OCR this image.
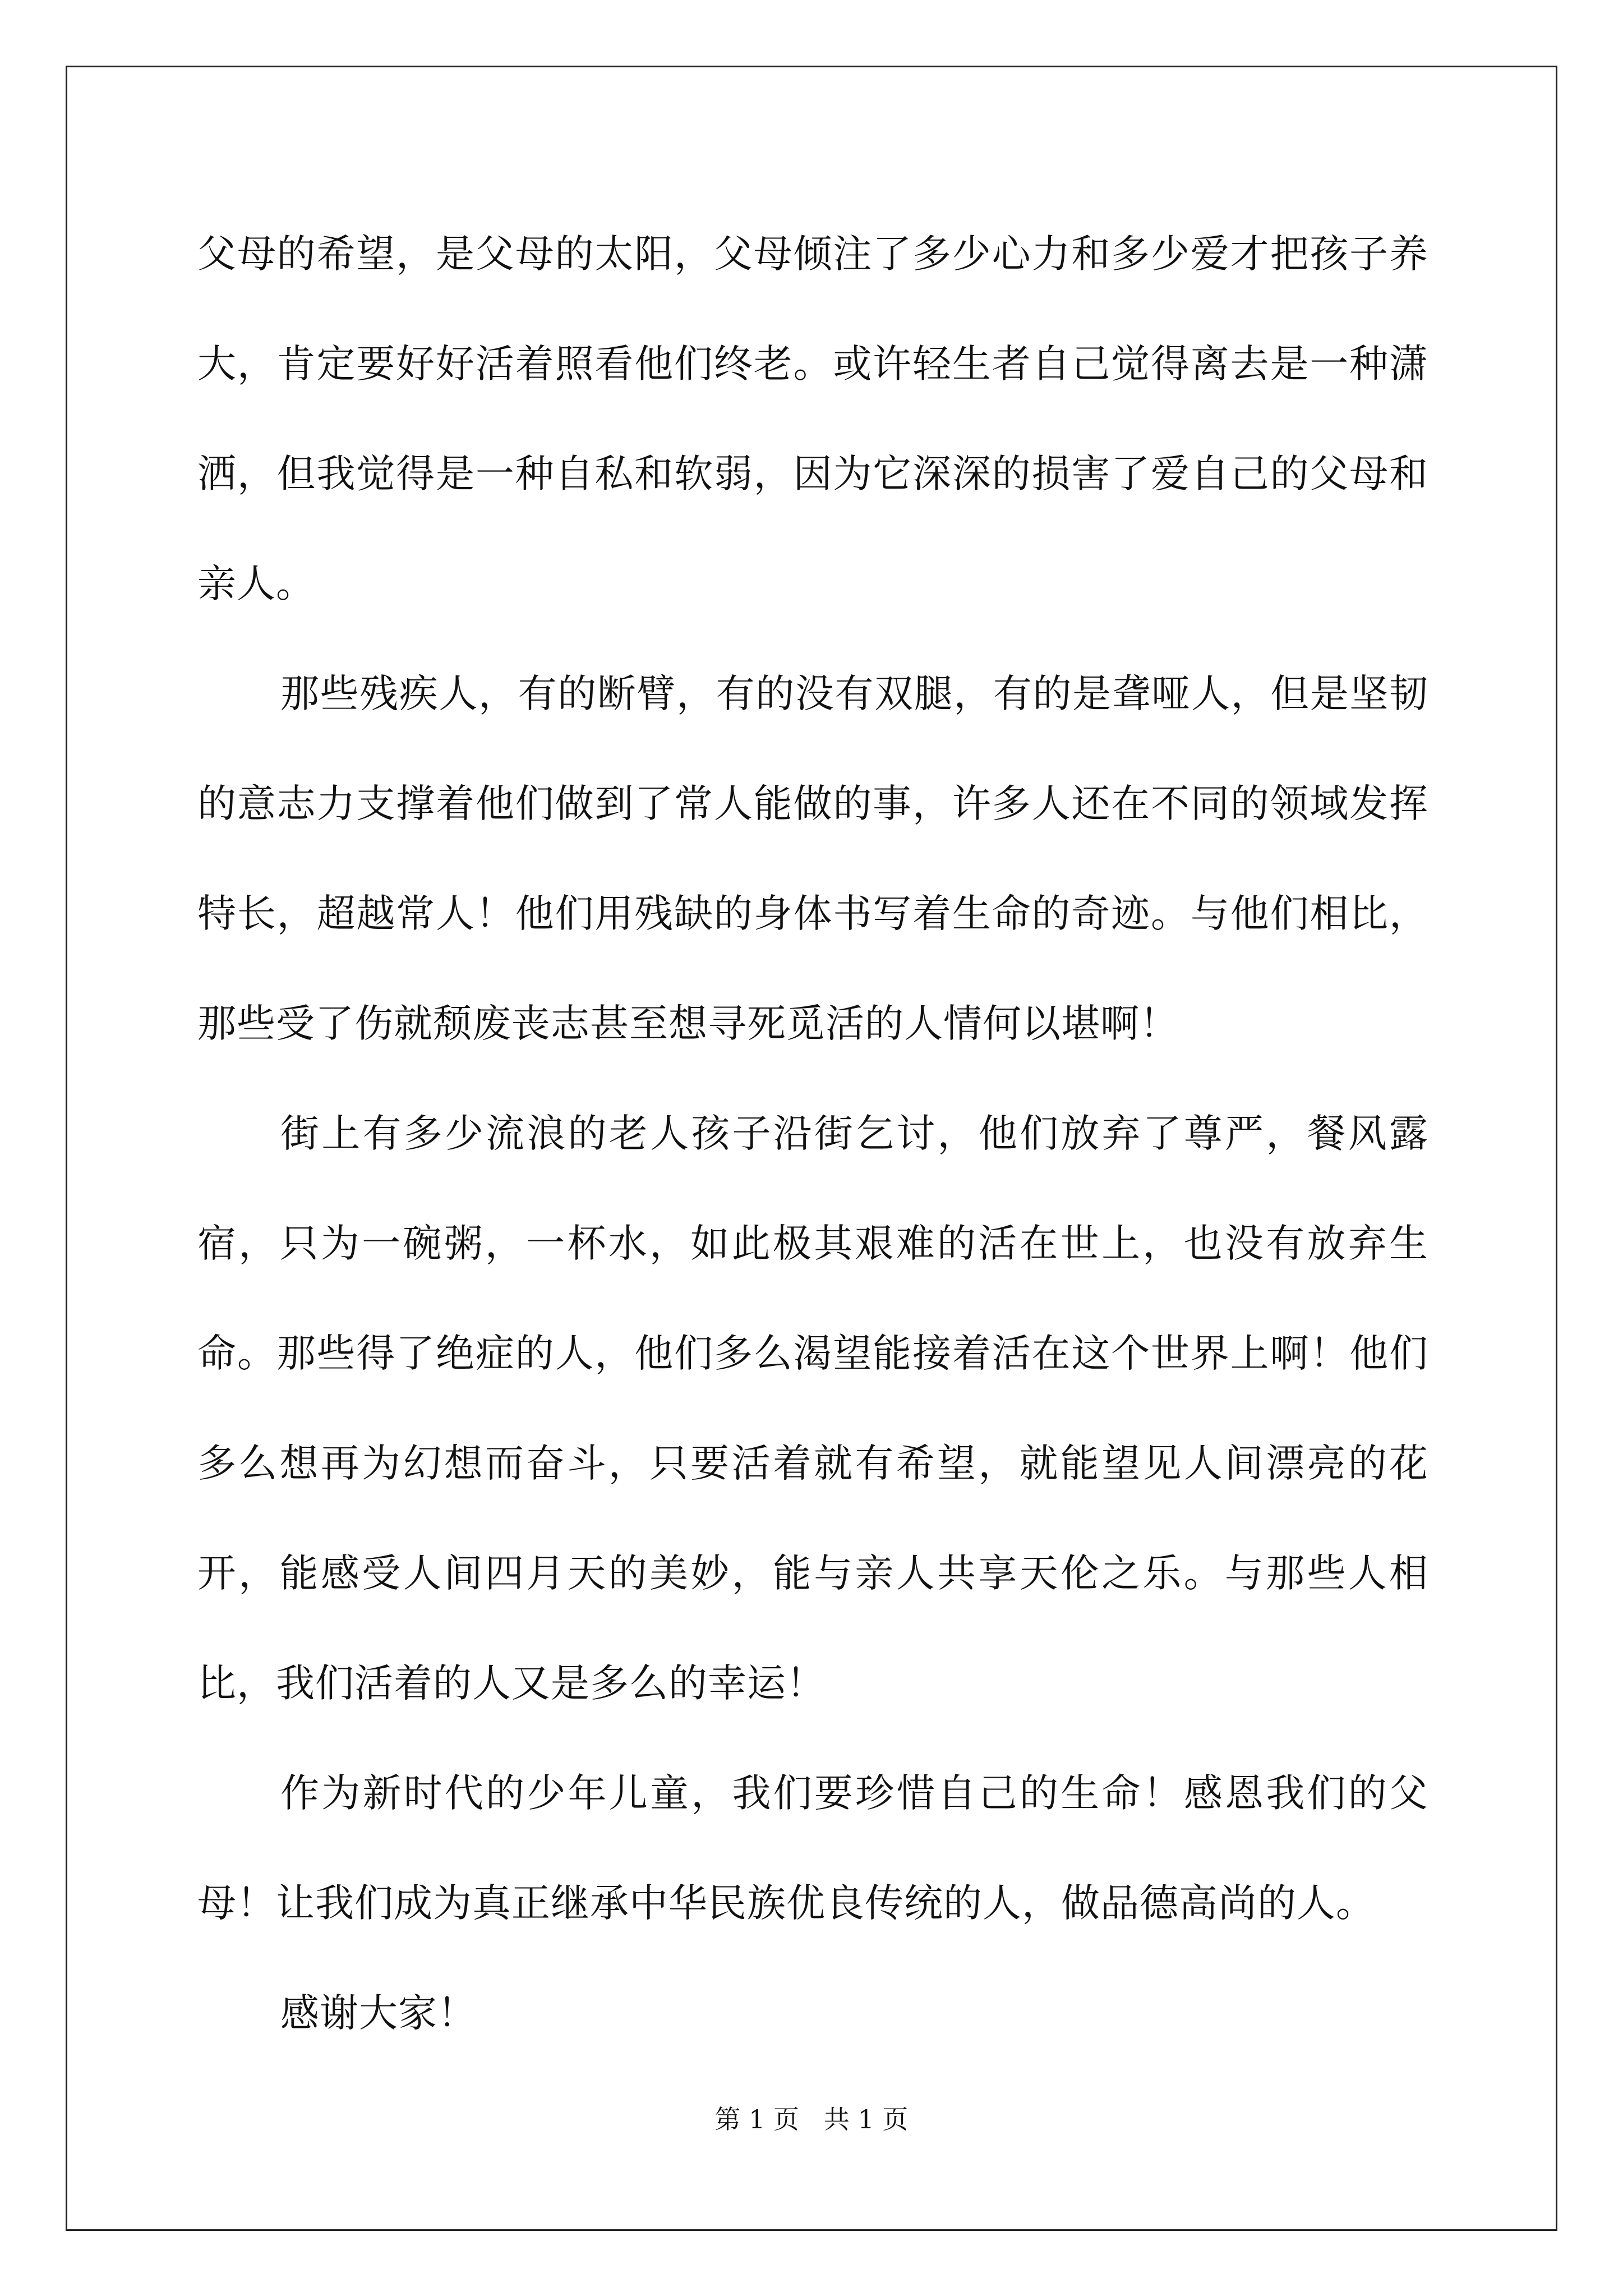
父母的希望，是父母的太阳，父母倾注了多少心力和多少爱才把孩子养大，肯定要好好活着照看他们终老。或许轻生者自己觉得离去是一种潇洒，但我觉得是一种自私和软弱，因为它深深的损害了爱自己的父母和亲人。

那些残疾人，有的断臂，有的没有双腿，有的是聋哑人，但是坚韧的意志力支撑着他们做到了常人能做的事，许多人还在不同的领域发挥特长，超越常人！他们用残缺的身体书写着生命的奇迹。与他们相比，那些受了伤就颓废丧志甚至想寻死觅活的人情何以堪啊！

街上有多少流浪的老人孩子沿街乞讨，他们放弃了尊严，餐风露宿，只为一碗粥，一杯水，如此极其艰难的活在世上，也没有放弃生命。那些得了绝症的人，他们多么渴望能接着活在这个世界上啊！他们多么想再为幻想而奋斗，只要活着就有希望，就能望见人间漂亮的花开，能感受人间四月天的美妙，能与亲人共享天伦之乐。与那些人相比，我们活着的人又是多么的幸运！

作为新时代的少年儿童，我们要珍惜自己的生命！感恩我们的父母！让我们成为真正继承中华民族优良传统的人，做品德高尚的人。

感谢大家！

第 1 页   共 1 页
